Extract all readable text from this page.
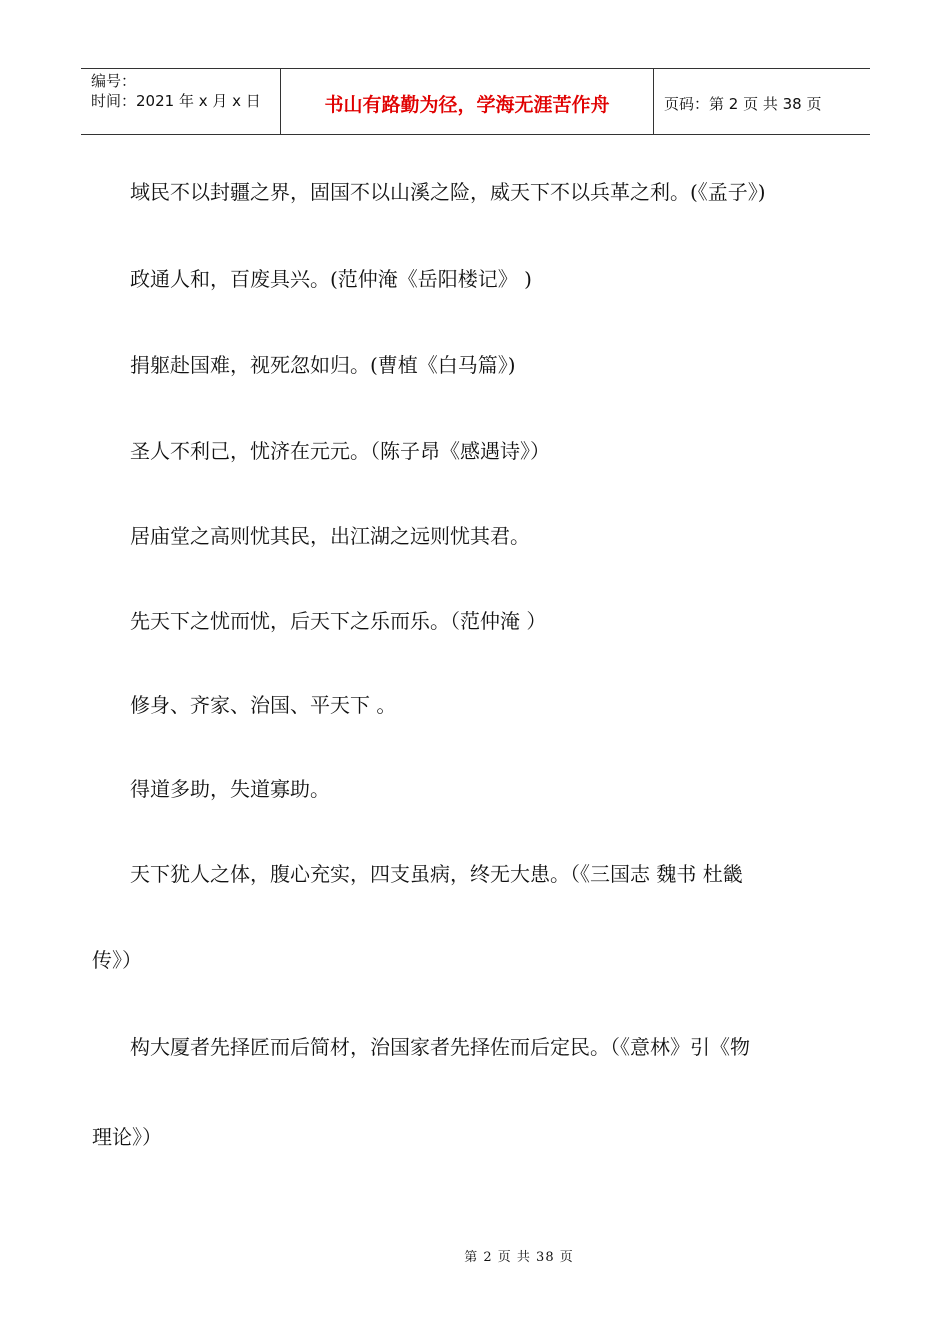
编号：
时间：2021 年 x 月 x 日	书山有路勤为径，学海无涯苦作舟	页码：第 2 页 共 38 页
域民不以封疆之界，固国不以山溪之险，威天下不以兵革之利。(《孟子》)
政通人和，百废具兴。(范仲淹《岳阳楼记》 )
捐躯赴国难，视死忽如归。(曹植《白马篇》)
圣人不利己，忧济在元元。（陈子昂《感遇诗》）
居庙堂之高则忧其民，出江湖之远则忧其君。
先天下之忧而忧，后天下之乐而乐。（范仲淹 ）
修身、齐家、治国、平天下 。
得道多助，失道寡助。
天下犹人之体，腹心充实，四支虽病，终无大患。（《三国志 魏书 杜畿
传》）
构大厦者先择匠而后简材，治国家者先择佐而后定民。（《意林》引《物
理论》）
第 2 页 共 38 页
